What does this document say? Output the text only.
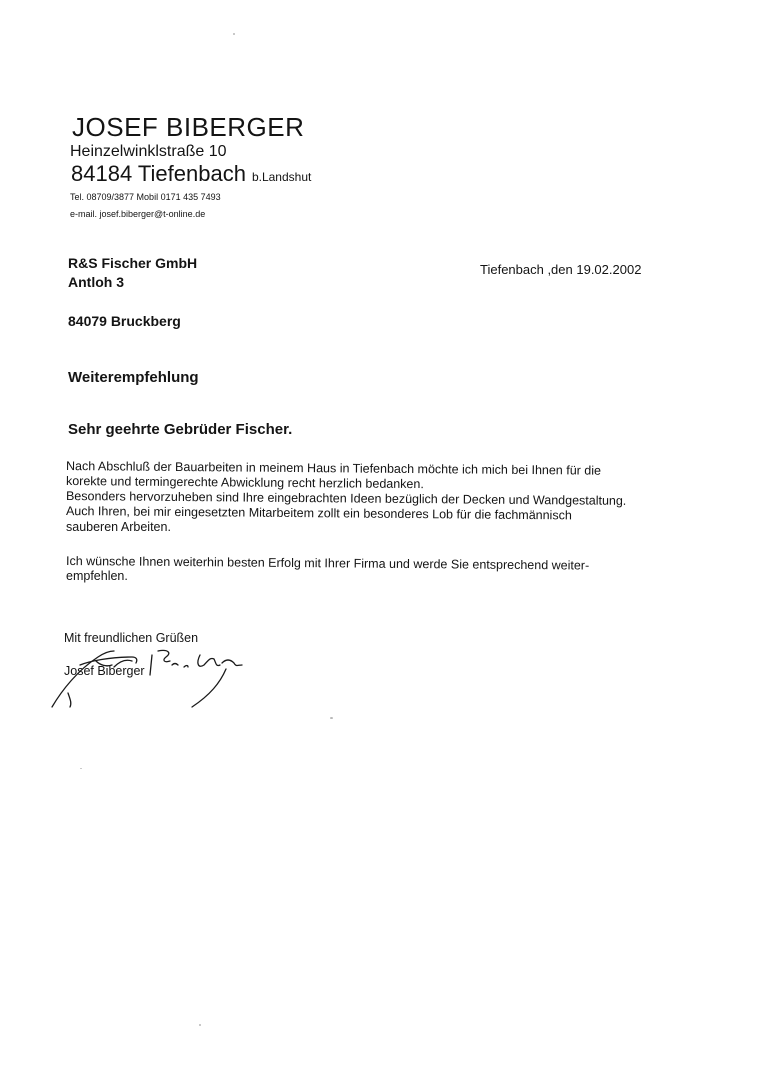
JOSEF BIBERGER
Heinzelwinklstraße 10
84184 Tiefenbach b.Landshut
Tel. 08709/3877 Mobil 0171 435 7493
e-mail. josef.biberger@t-online.de
R&S Fischer GmbH
Antloh 3
84079 Bruckberg
Tiefenbach ,den 19.02.2002
Weiterempfehlung
Sehr geehrte Gebrüder Fischer.
Nach Abschluß der Bauarbeiten in meinem Haus in Tiefenbach möchte ich mich bei Ihnen für die
korekte und termingerechte Abwicklung recht herzlich bedanken.
Besonders hervorzuheben sind Ihre eingebrachten Ideen bezüglich der Decken und Wandgestaltung.
Auch Ihren, bei mir eingesetzten Mitarbeitem zollt ein besonderes Lob für die fachmännisch
sauberen Arbeiten.
Ich wünsche Ihnen weiterhin besten Erfolg mit Ihrer Firma und werde Sie entsprechend weiter-
empfehlen.
Mit freundlichen Grüßen
Josef Biberger
